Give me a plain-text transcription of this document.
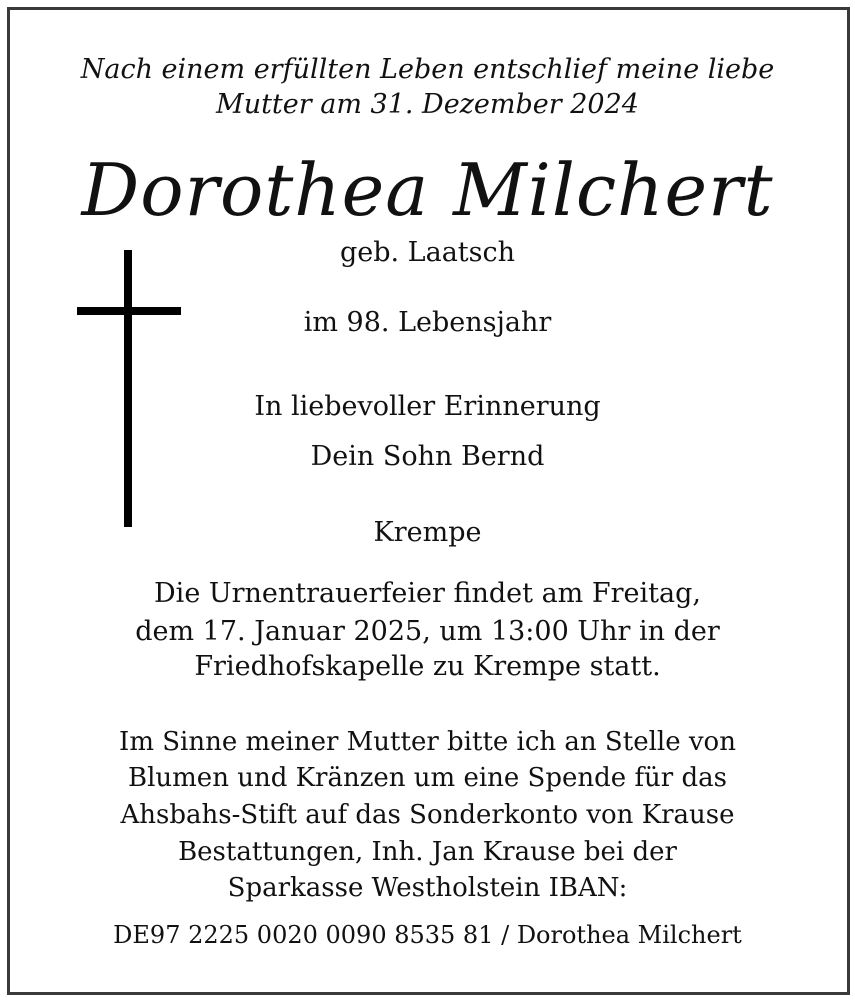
Nach einem erfüllten Leben entschlief meine liebe
Mutter am 31. Dezember 2024
Dorothea Milchert
geb. Laatsch
im 98. Lebensjahr
In liebevoller Erinnerung
Dein Sohn Bernd
Krempe
Die Urnentrauerfeier findet am Freitag,
dem 17. Januar 2025, um 13:00 Uhr in der
Friedhofskapelle zu Krempe statt.
Im Sinne meiner Mutter bitte ich an Stelle von
Blumen und Kränzen um eine Spende für das
Ahsbahs-Stift auf das Sonderkonto von Krause
Bestattungen, Inh. Jan Krause bei der
Sparkasse Westholstein IBAN:
DE97 2225 0020 0090 8535 81 / Dorothea Milchert
